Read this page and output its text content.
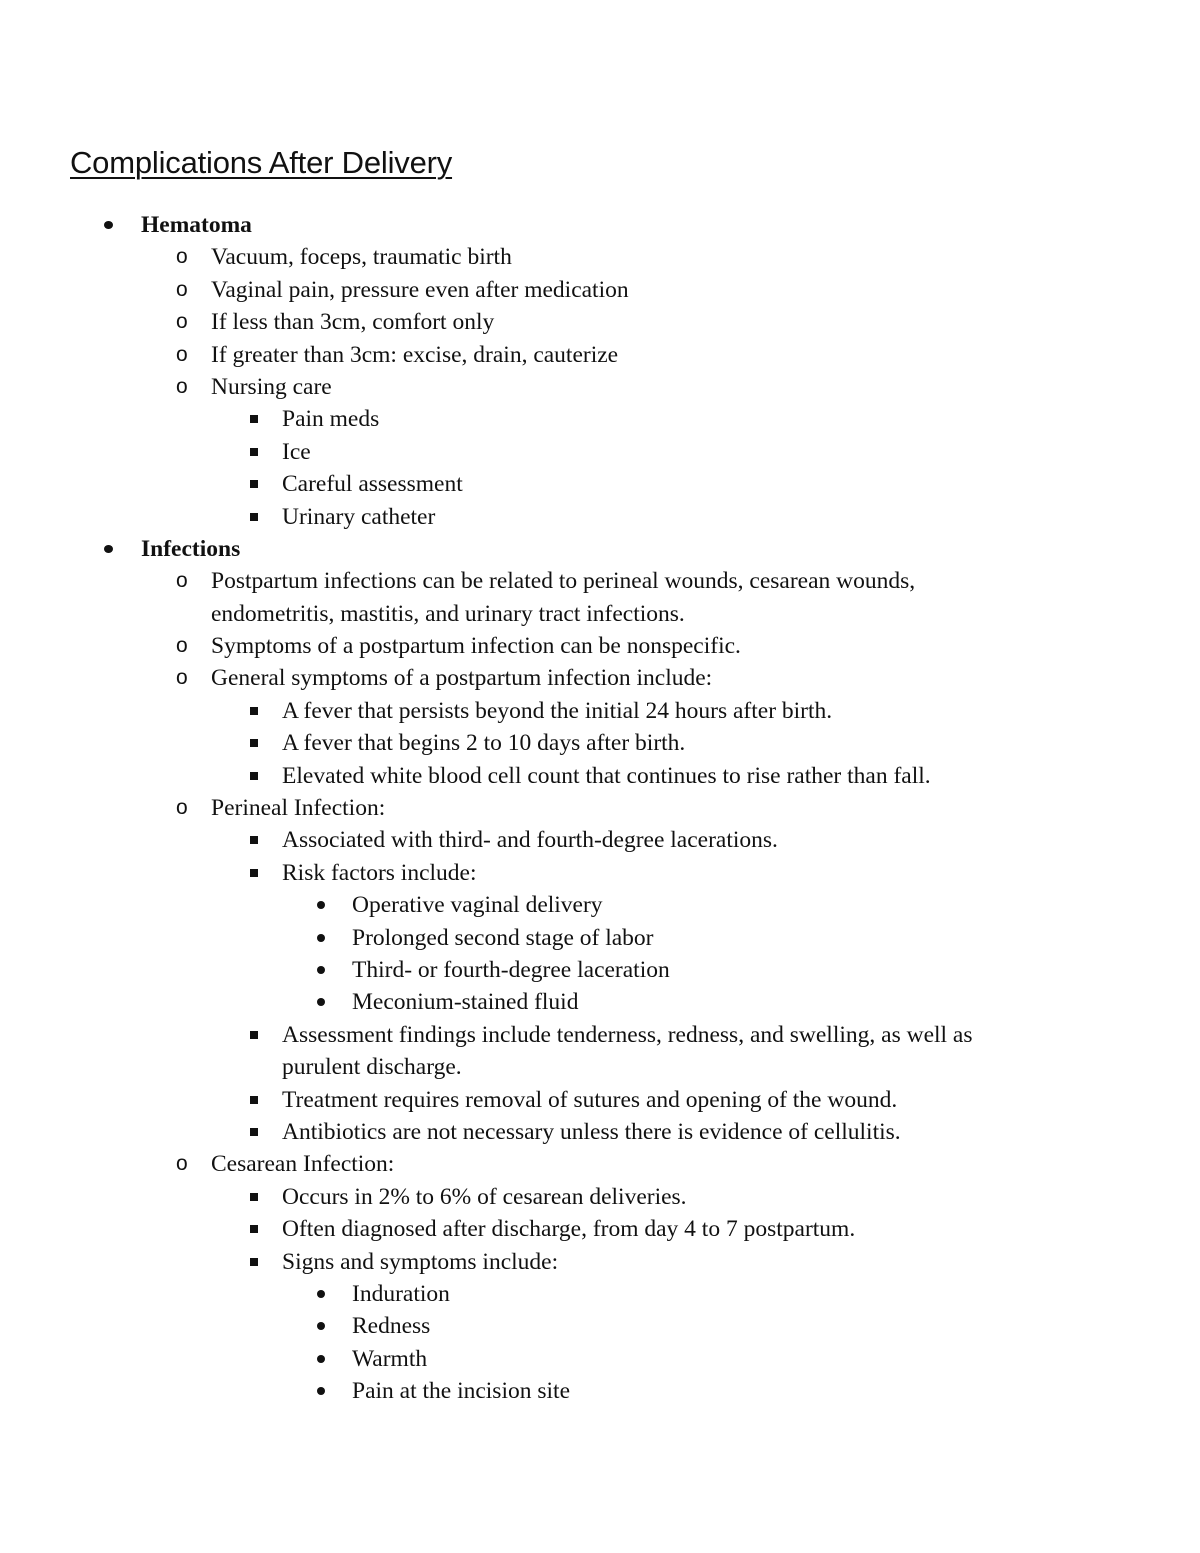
Complications After Delivery
Hematoma
o Vacuum, foceps, traumatic birth
o Vaginal pain, pressure even after medication
o If less than 3cm, comfort only
o If greater than 3cm: excise, drain, cauterize
o Nursing care
Pain meds
Ice
Careful assessment
Urinary catheter
Infections
o Postpartum infections can be related to perineal wounds, cesarean wounds, endometritis, mastitis, and urinary tract infections.
o Symptoms of a postpartum infection can be nonspecific.
o General symptoms of a postpartum infection include:
A fever that persists beyond the initial 24 hours after birth.
A fever that begins 2 to 10 days after birth.
Elevated white blood cell count that continues to rise rather than fall.
o Perineal Infection:
Associated with third- and fourth-degree lacerations.
Risk factors include:
Operative vaginal delivery
Prolonged second stage of labor
Third- or fourth-degree laceration
Meconium-stained fluid
Assessment findings include tenderness, redness, and swelling, as well as purulent discharge.
Treatment requires removal of sutures and opening of the wound.
Antibiotics are not necessary unless there is evidence of cellulitis.
o Cesarean Infection:
Occurs in 2% to 6% of cesarean deliveries.
Often diagnosed after discharge, from day 4 to 7 postpartum.
Signs and symptoms include:
Induration
Redness
Warmth
Pain at the incision site
